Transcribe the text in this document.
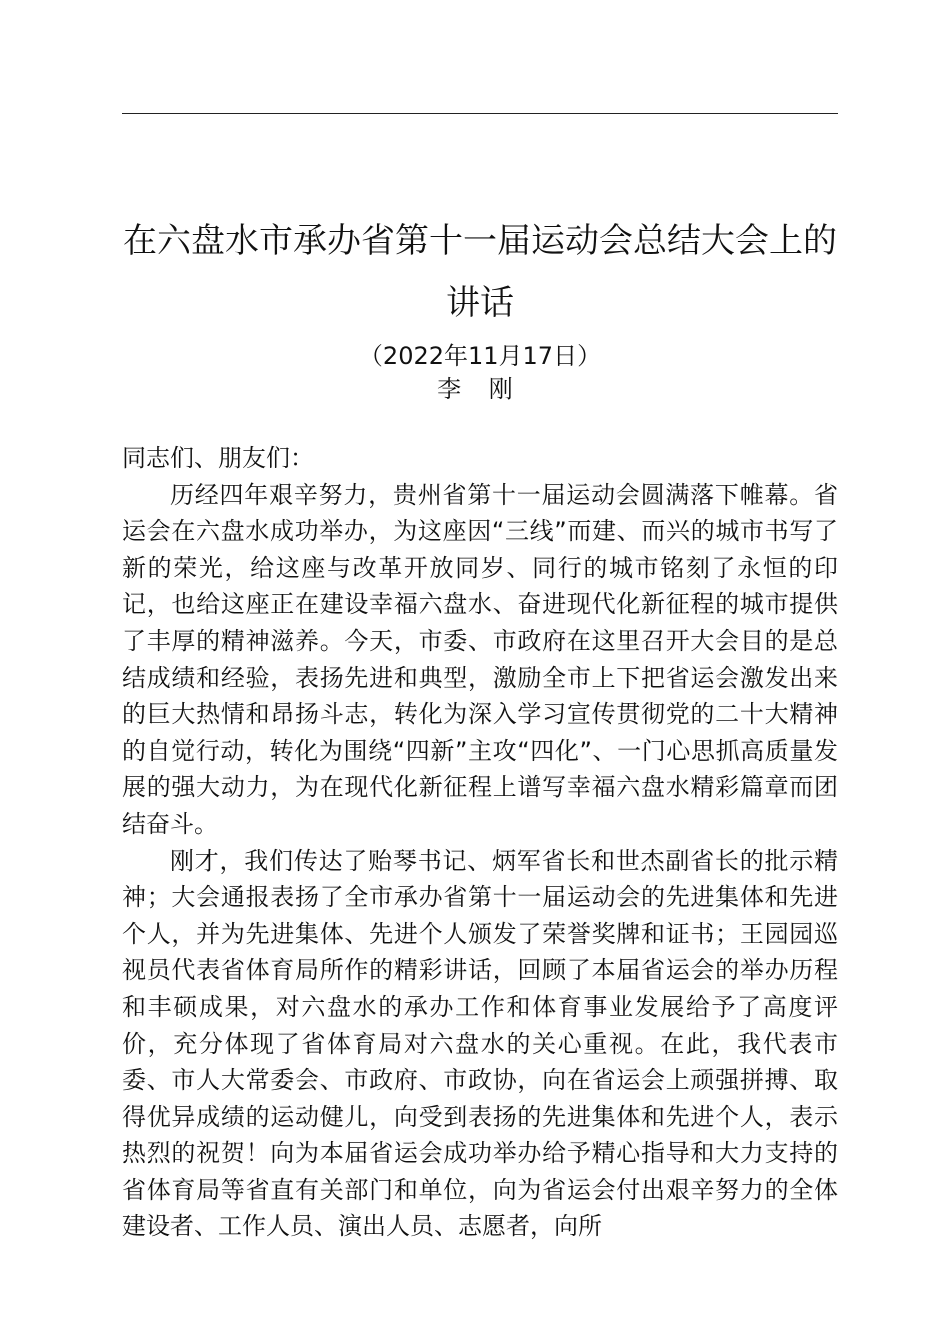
在六盘水市承办省第十一届运动会总结大会上的讲话

（2022年11月17日）

李 刚

同志们、朋友们：

历经四年艰辛努力，贵州省第十一届运动会圆满落下帷幕。省运会在六盘水成功举办，为这座因“三线”而建、而兴的城市书写了新的荣光，给这座与改革开放同岁、同行的城市铭刻了永恒的印记，也给这座正在建设幸福六盘水、奋进现代化新征程的城市提供了丰厚的精神滋养。今天，市委、市政府在这里召开大会目的是总结成绩和经验，表扬先进和典型，激励全市上下把省运会激发出来的巨大热情和昂扬斗志，转化为深入学习宣传贯彻党的二十大精神的自觉行动，转化为围绕“四新”主攻“四化”、一门心思抓高质量发展的强大动力，为在现代化新征程上谱写幸福六盘水精彩篇章而团结奋斗。

刚才，我们传达了贻琴书记、炳军省长和世杰副省长的批示精神；大会通报表扬了全市承办省第十一届运动会的先进集体和先进个人，并为先进集体、先进个人颁发了荣誉奖牌和证书；王园园巡视员代表省体育局所作的精彩讲话，回顾了本届省运会的举办历程和丰硕成果，对六盘水的承办工作和体育事业发展给予了高度评价，充分体现了省体育局对六盘水的关心重视。在此，我代表市委、市人大常委会、市政府、市政协，向在省运会上顽强拼搏、取得优异成绩的运动健儿，向受到表扬的先进集体和先进个人，表示热烈的祝贺！向为本届省运会成功举办给予精心指导和大力支持的省体育局等省直有关部门和单位，向为省运会付出艰辛努力的全体建设者、工作人员、演出人员、志愿者，向所
